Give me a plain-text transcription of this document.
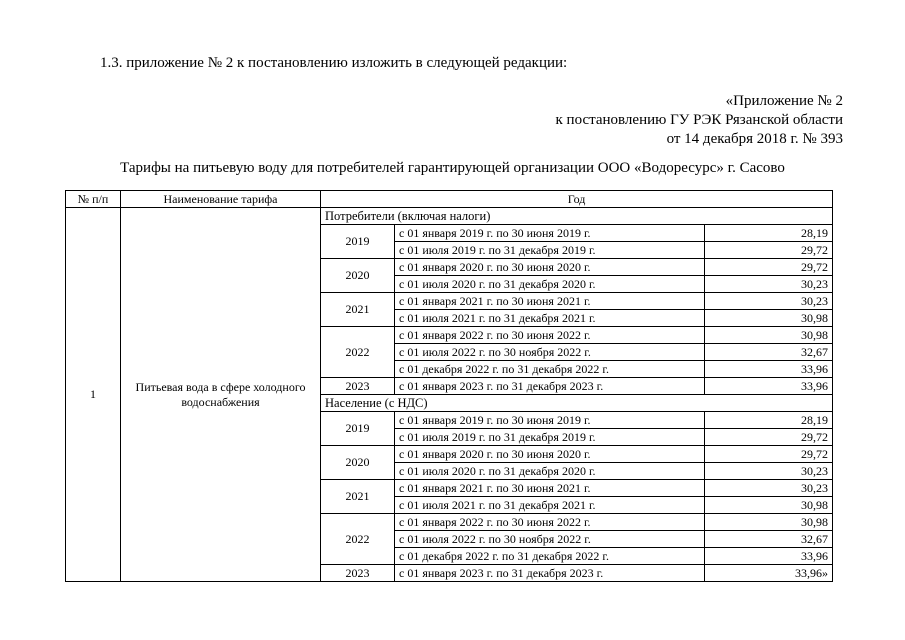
1.3. приложение № 2 к постановлению изложить в следующей редакции:
«Приложение № 2
к постановлению ГУ РЭК Рязанской области
от 14 декабря 2018 г. № 393
Тарифы на питьевую воду для потребителей гарантирующей организации ООО «Водоресурс» г. Сасово
№ п/п	Наименование тарифа	Год	
1	Питьевая вода в сфере холодного водоснабжения	Потребители (включая налоги)			
		2019	с 01 января 2019 г. по 30 июня 2019 г.	28,19	
			с 01 июля 2019 г. по 31 декабря 2019 г.	29,72	
		2020	с 01 января 2020 г. по 30 июня 2020 г.	29,72	
			с 01 июля 2020 г. по 31 декабря 2020 г.	30,23	
		2021	с 01 января 2021 г. по 30 июня 2021 г.	30,23	
			с 01 июля 2021 г. по 31 декабря 2021 г.	30,98	
		2022	с 01 января 2022 г. по 30 июня 2022 г.	30,98	
			с 01 июля 2022 г. по 30 ноября 2022 г.	32,67	
			с 01 декабря 2022 г. по 31 декабря 2022 г.	33,96	
		2023	с 01 января 2023 г. по 31 декабря 2023 г.	33,96	
		Население (с НДС)			
		2019	с 01 января 2019 г. по 30 июня 2019 г.	28,19	
			с 01 июля 2019 г. по 31 декабря 2019 г.	29,72	
		2020	с 01 января 2020 г. по 30 июня 2020 г.	29,72	
			с 01 июля 2020 г. по 31 декабря 2020 г.	30,23	
		2021	с 01 января 2021 г. по 30 июня 2021 г.	30,23	
			с 01 июля 2021 г. по 31 декабря 2021 г.	30,98	
		2022	с 01 января 2022 г. по 30 июня 2022 г.	30,98	
			с 01 июля 2022 г. по 30 ноября 2022 г.	32,67	
			с 01 декабря 2022 г. по 31 декабря 2022 г.	33,96	
		2023	с 01 января 2023 г. по 31 декабря 2023 г.	33,96»	
